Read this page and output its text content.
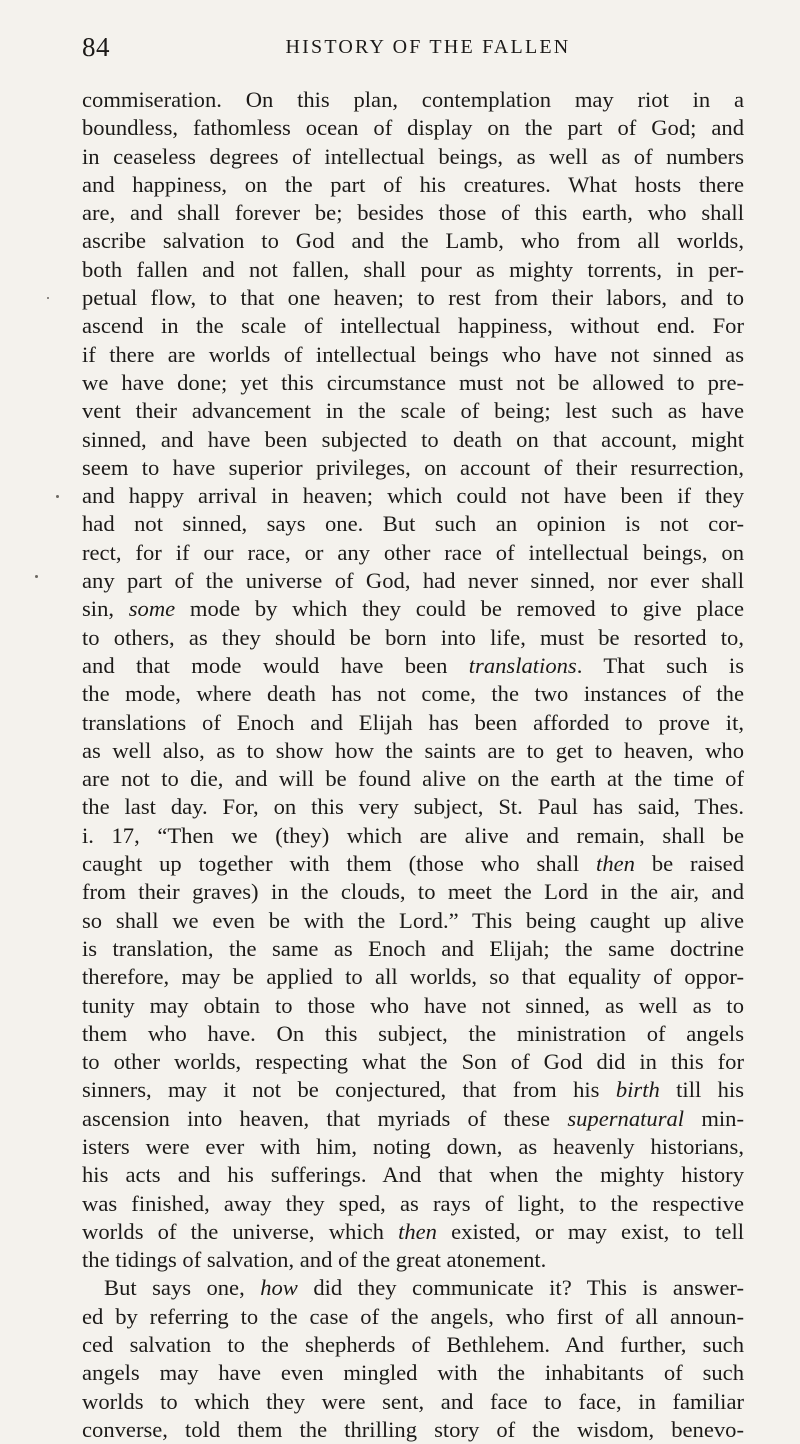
84	HISTORY OF THE FALLEN
commiseration. On this plan, contemplation may riot in a
boundless, fathomless ocean of display on the part of God; and
in ceaseless degrees of intellectual beings, as well as of numbers
and happiness, on the part of his creatures. What hosts there
are, and shall forever be; besides those of this earth, who shall
ascribe salvation to God and the Lamb, who from all worlds,
both fallen and not fallen, shall pour as mighty torrents, in per-
petual flow, to that one heaven; to rest from their labors, and to
ascend in the scale of intellectual happiness, without end. For
if there are worlds of intellectual beings who have not sinned as
we have done; yet this circumstance must not be allowed to pre-
vent their advancement in the scale of being; lest such as have
sinned, and have been subjected to death on that account, might
seem to have superior privileges, on account of their resurrection,
and happy arrival in heaven; which could not have been if they
had not sinned, says one. But such an opinion is not cor-
rect, for if our race, or any other race of intellectual beings, on
any part of the universe of God, had never sinned, nor ever shall
sin, some mode by which they could be removed to give place
to others, as they should be born into life, must be resorted to,
and that mode would have been translations. That such is
the mode, where death has not come, the two instances of the
translations of Enoch and Elijah has been afforded to prove it,
as well also, as to show how the saints are to get to heaven, who
are not to die, and will be found alive on the earth at the time of
the last day. For, on this very subject, St. Paul has said, Thes.
i. 17, “Then we (they) which are alive and remain, shall be
caught up together with them (those who shall then be raised
from their graves) in the clouds, to meet the Lord in the air, and
so shall we even be with the Lord.” This being caught up alive
is translation, the same as Enoch and Elijah; the same doctrine
therefore, may be applied to all worlds, so that equality of oppor-
tunity may obtain to those who have not sinned, as well as to
them who have. On this subject, the ministration of angels
to other worlds, respecting what the Son of God did in this for
sinners, may it not be conjectured, that from his birth till his
ascension into heaven, that myriads of these supernatural min-
isters were ever with him, noting down, as heavenly historians,
his acts and his sufferings. And that when the mighty history
was finished, away they sped, as rays of light, to the respective
worlds of the universe, which then existed, or may exist, to tell
the tidings of salvation, and of the great atonement.
But says one, how did they communicate it? This is answer-
ed by referring to the case of the angels, who first of all announ-
ced salvation to the shepherds of Bethlehem. And further, such
angels may have even mingled with the inhabitants of such
worlds to which they were sent, and face to face, in familiar
converse, told them the thrilling story of the wisdom, benevo-
